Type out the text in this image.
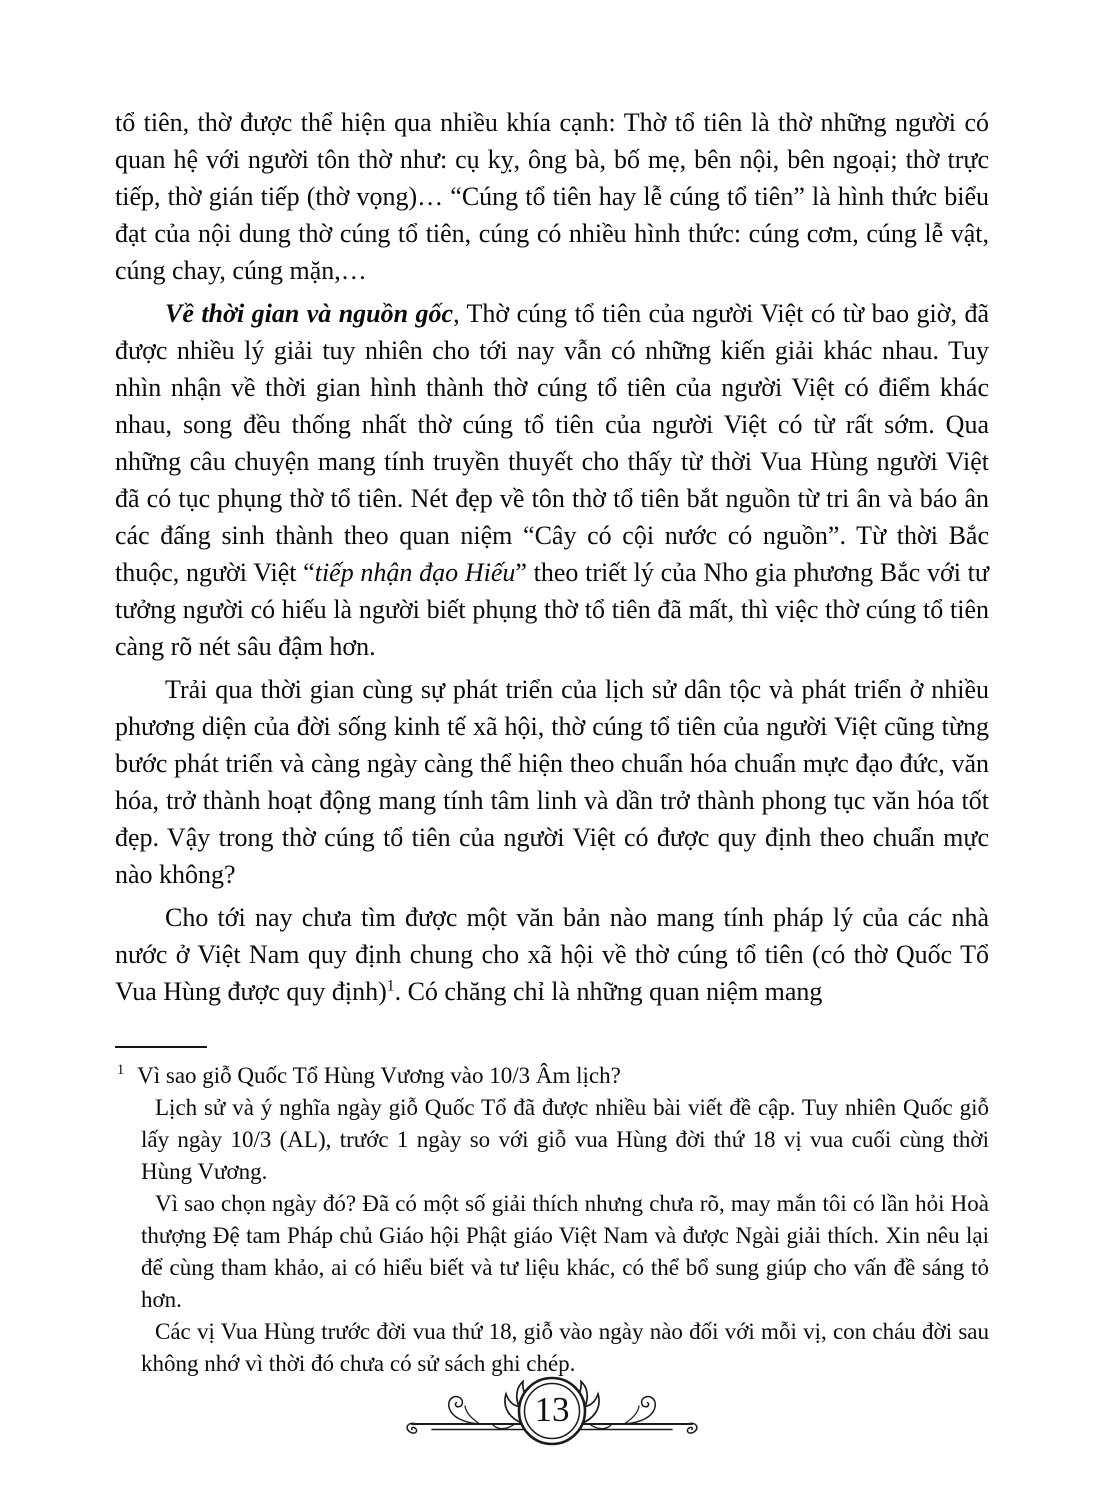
tổ tiên, thờ được thể hiện qua nhiều khía cạnh: Thờ tổ tiên là thờ những người có quan hệ với người tôn thờ như: cụ kỵ, ông bà, bố mẹ, bên nội, bên ngoại; thờ trực tiếp, thờ gián tiếp (thờ vọng)… “Cúng tổ tiên hay lễ cúng tổ tiên” là hình thức biểu đạt của nội dung thờ cúng tổ tiên, cúng có nhiều hình thức: cúng cơm, cúng lễ vật, cúng chay, cúng mặn,…

Về thời gian và nguồn gốc, Thờ cúng tổ tiên của người Việt có từ bao giờ, đã được nhiều lý giải tuy nhiên cho tới nay vẫn có những kiến giải khác nhau. Tuy nhìn nhận về thời gian hình thành thờ cúng tổ tiên của người Việt có điểm khác nhau, song đều thống nhất thờ cúng tổ tiên của người Việt có từ rất sớm. Qua những câu chuyện mang tính truyền thuyết cho thấy từ thời Vua Hùng người Việt đã có tục phụng thờ tổ tiên. Nét đẹp về tôn thờ tổ tiên bắt nguồn từ tri ân và báo ân các đấng sinh thành theo quan niệm “Cây có cội nước có nguồn”. Từ thời Bắc thuộc, người Việt “tiếp nhận đạo Hiếu” theo triết lý của Nho gia phương Bắc với tư tưởng người có hiếu là người biết phụng thờ tổ tiên đã mất, thì việc thờ cúng tổ tiên càng rõ nét sâu đậm hơn.

Trải qua thời gian cùng sự phát triển của lịch sử dân tộc và phát triển ở nhiều phương diện của đời sống kinh tế xã hội, thờ cúng tổ tiên của người Việt cũng từng bước phát triển và càng ngày càng thể hiện theo chuẩn hóa chuẩn mực đạo đức, văn hóa, trở thành hoạt động mang tính tâm linh và dần trở thành phong tục văn hóa tốt đẹp. Vậy trong thờ cúng tổ tiên của người Việt có được quy định theo chuẩn mực nào không?

Cho tới nay chưa tìm được một văn bản nào mang tính pháp lý của các nhà nước ở Việt Nam quy định chung cho xã hội về thờ cúng tổ tiên (có thờ Quốc Tổ Vua Hùng được quy định)$^1$. Có chăng chỉ là những quan niệm mang

$^1$ Vì sao giỗ Quốc Tổ Hùng Vương vào 10/3 Âm lịch?

Lịch sử và ý nghĩa ngày giỗ Quốc Tổ đã được nhiều bài viết đề cập. Tuy nhiên Quốc giỗ lấy ngày 10/3 (AL), trước 1 ngày so với giỗ vua Hùng đời thứ 18 vị vua cuối cùng thời Hùng Vương.

Vì sao chọn ngày đó? Đã có một số giải thích nhưng chưa rõ, may mắn tôi có lần hỏi Hoà thượng Đệ tam Pháp chủ Giáo hội Phật giáo Việt Nam và được Ngài giải thích. Xin nêu lại để cùng tham khảo, ai có hiểu biết và tư liệu khác, có thể bổ sung giúp cho vấn đề sáng tỏ hơn.

Các vị Vua Hùng trước đời vua thứ 18, giỗ vào ngày nào đối với mỗi vị, con cháu đời sau không nhớ vì thời đó chưa có sử sách ghi chép.

13
